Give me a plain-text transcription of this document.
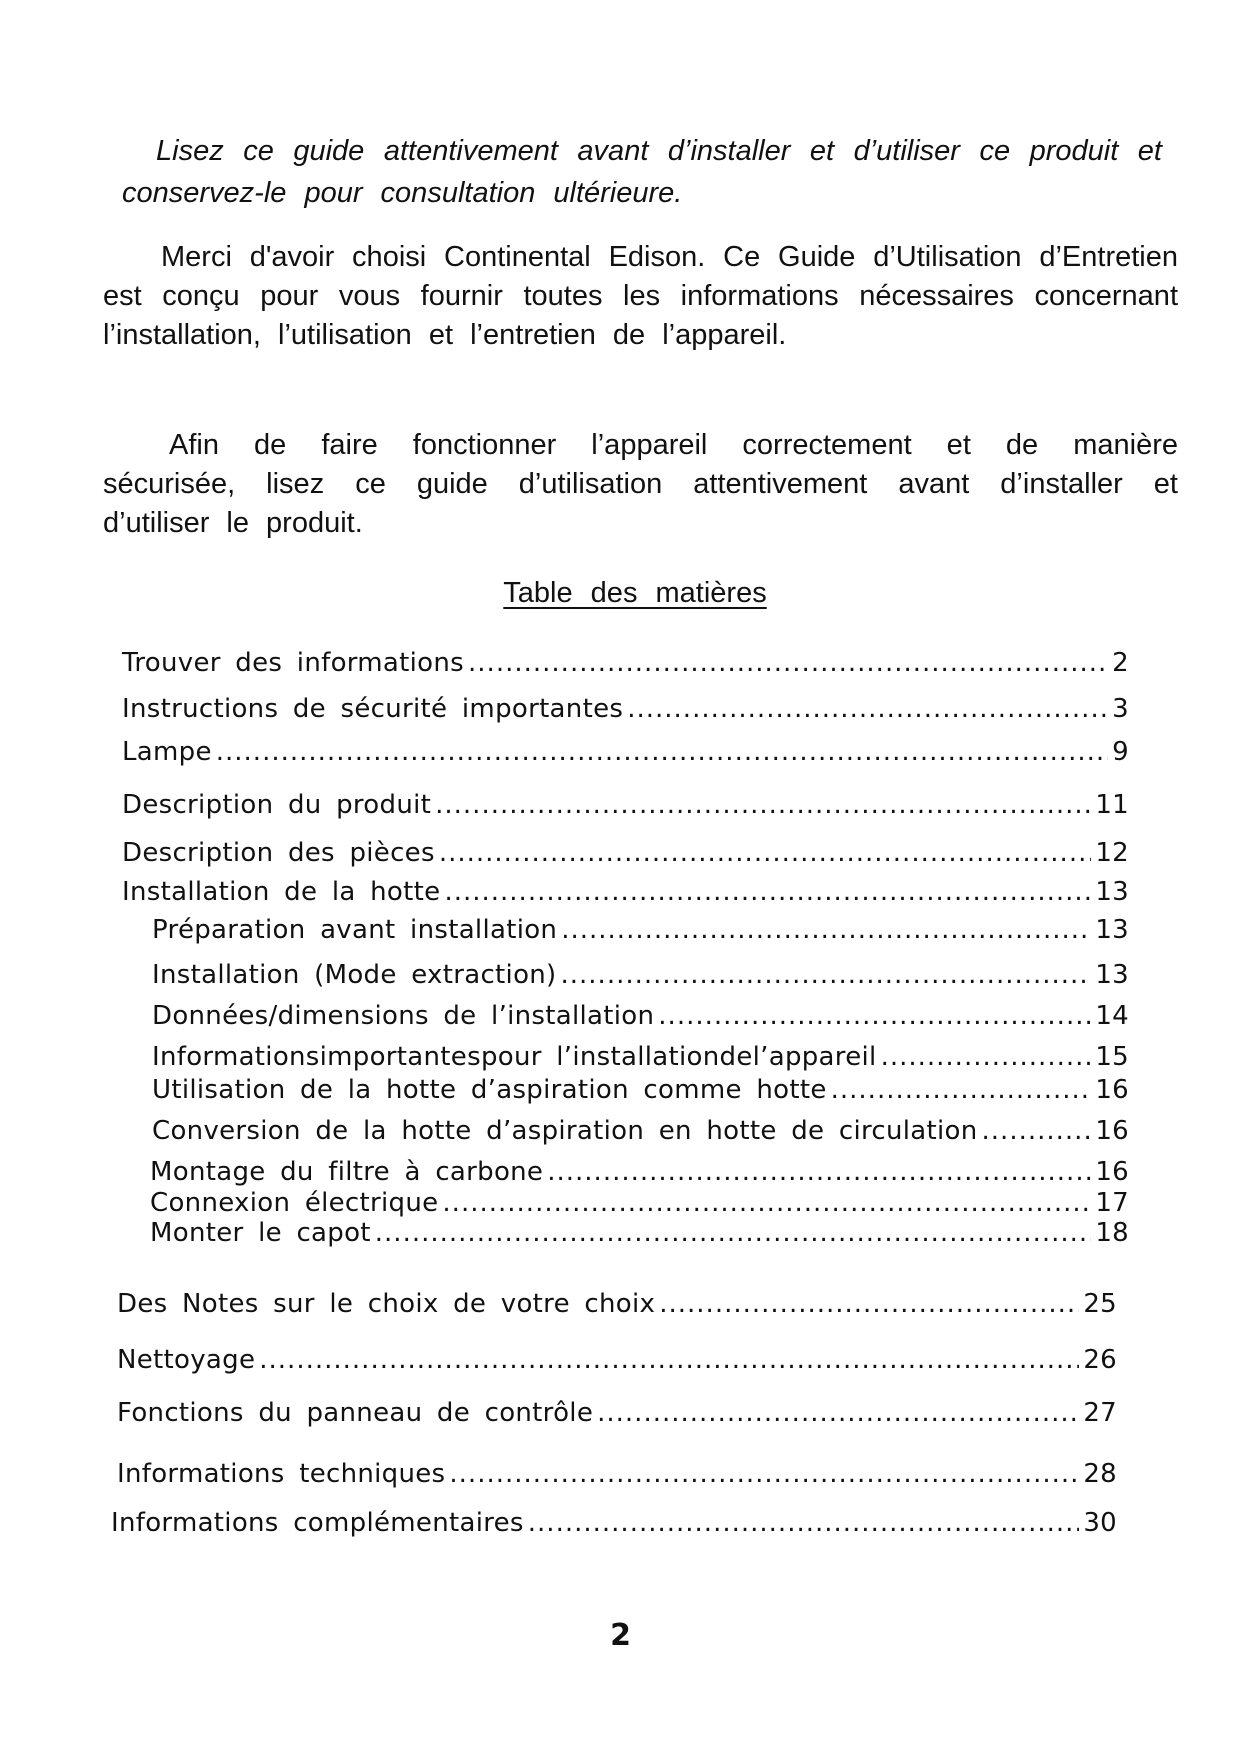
Lisez ce guide attentivement avant d’installer et d’utiliser ce produit et conservez-le pour consultation ultérieure.
Merci d'avoir choisi Continental Edison. Ce Guide d’Utilisation d’Entretien est conçu pour vous fournir toutes les informations nécessaires concernant l’installation, l’utilisation et l’entretien de l’appareil.
Afin de faire fonctionner l’appareil correctement et de manière sécurisée, lisez ce guide d’utilisation attentivement avant d’installer et d’utiliser le produit.
Table des matières
Trouver des informations .....	2
Instructions de sécurité importantes .....	3
Lampe .....	9
Description du produit .....	11
Description des pièces .....	12
Installation de la hotte .....	13
Préparation avant installation .....	13
Installation (Mode extraction) .....	13
Données/dimensions de l’installation .....	14
Informationsimportantespour l’installationdel’appareil .....	15
Utilisation de la hotte d’aspiration comme hotte .....	16
Conversion de la hotte d’aspiration en hotte de circulation .....	16
Montage du filtre à carbone .....	16
Connexion électrique .....	17
Monter le capot .....	18
Des Notes sur le choix de votre choix .....	25
Nettoyage .....	26
Fonctions du panneau de contrôle .....	27
Informations techniques .....	28
Informations complémentaires .....	30
2
